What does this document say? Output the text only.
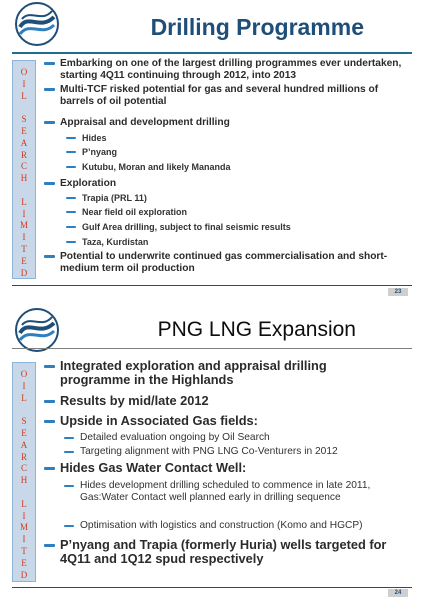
Drilling Programme
O
I
L
S
E
A
R
C
H
L
I
M
I
T
E
D
23
Embarking on one of the largest drilling programmes ever undertaken, starting 4Q11 continuing through 2012, into 2013
Multi-TCF risked potential for gas and several hundred millions of barrels of oil potential
Appraisal and development drilling
Hides
P’nyang
Kutubu, Moran and likely Mananda
Exploration
Trapia (PRL 11)
Near field oil exploration
Gulf Area drilling, subject to final seismic results
Taza, Kurdistan
Potential to underwrite continued gas commercialisation and short-medium term oil production
PNG LNG Expansion
O
I
L
S
E
A
R
C
H
L
I
M
I
T
E
D
24
Integrated exploration and appraisal drilling programme in the Highlands
Results by mid/late 2012
Upside in Associated Gas fields:
Detailed evaluation ongoing by Oil Search
Targeting alignment with PNG LNG Co-Venturers in 2012
Hides Gas Water Contact Well:
Hides development drilling scheduled to commence in late 2011, Gas:Water Contact well planned early in drilling sequence
Optimisation with logistics and construction (Komo and HGCP)
P’nyang and Trapia (formerly Huria) wells targeted for 4Q11 and 1Q12 spud respectively
